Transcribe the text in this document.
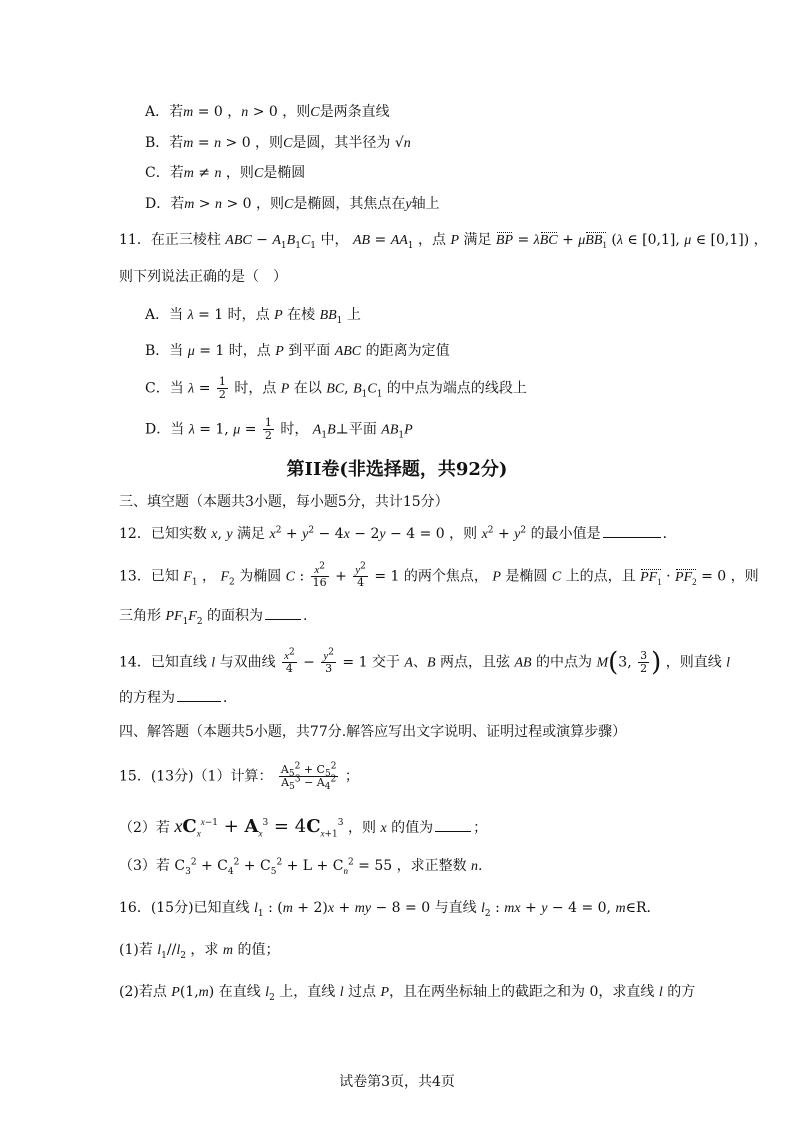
A．若m = 0 ，n > 0 ，则C是两条直线
B．若m = n > 0 ，则C是圆，其半径为 √n
C．若m ≠ n ，则C是椭圆
D．若m > n > 0 ，则C是椭圆，其焦点在y轴上
11．在正三棱柱 ABC − $A_1B_1C_1$ 中， AB = $AA_1$ ，点 P 满足 BP = λBC + μBB$_1$ (λ ∈ [0,1], μ ∈ [0,1]) ，
则下列说法正确的是（　）
A．当 λ = 1 时，点 P 在棱 $BB_1$ 上
B．当 μ = 1 时，点 P 到平面 ABC 的距离为定值
C．当 $\lambda = \frac{1}{2}$ 时，点 P 在以 BC, $B_1C_1$ 的中点为端点的线段上
D．当 λ = 1, $\mu = \frac{1}{2}$ 时， $A_1B\perp$平面 $AB_1P$
第II卷(非选择题，共92分)
三、填空题（本题共3小题，每小题5分，共计15分）
12．已知实数 x, y 满足 $x^2 + y^2 - 4x - 2y - 4 = 0$ ，则 $x^2 + y^2$ 的最小值是	．
13．已知 $F_1$ ， $F_2$ 为椭圆 C : $\frac{x^2}{16} + \frac{y^2}{4} = 1$ 的两个焦点， P 是椭圆 C 上的点，且 $PF_1 \cdot PF_2 = 0$ ，则
三角形 $PF_1F_2$ 的面积为	.
14．已知直线 l 与双曲线 $\frac{x^2}{4} - \frac{y^2}{3} = 1$ 交于 A、B 两点，且弦 AB 的中点为 M(3, $\frac{3}{2}$ ) ，则直线 l
的方程为	．
四、解答题（本题共5小题，共77分.解答应写出文字说明、证明过程或演算步骤）
15．(13分)（1）计算： $\frac{A_5^2 + C_5^2}{A_5^3 - A_4^2}$ ；
（2）若 $xC_x^{x-1} + A_x^3 = 4C_{x+1}^3$ ，则 x 的值为	；
（3）若 $C_3^2 + C_4^2 + C_5^2 + L + C_n^2 = 55$ ，求正整数 n.
16．(15分)已知直线 $l_1$ : (m + 2)x + my − 8 = 0 与直线 $l_2$ : mx + y − 4 = 0, m∈R．
(1)若 $l_1//l_2$ ，求 m 的值；
(2)若点 P(1,m) 在直线 $l_2$ 上，直线 l 过点 P，且在两坐标轴上的截距之和为 0，求直线 l 的方
试卷第3页，共4页
